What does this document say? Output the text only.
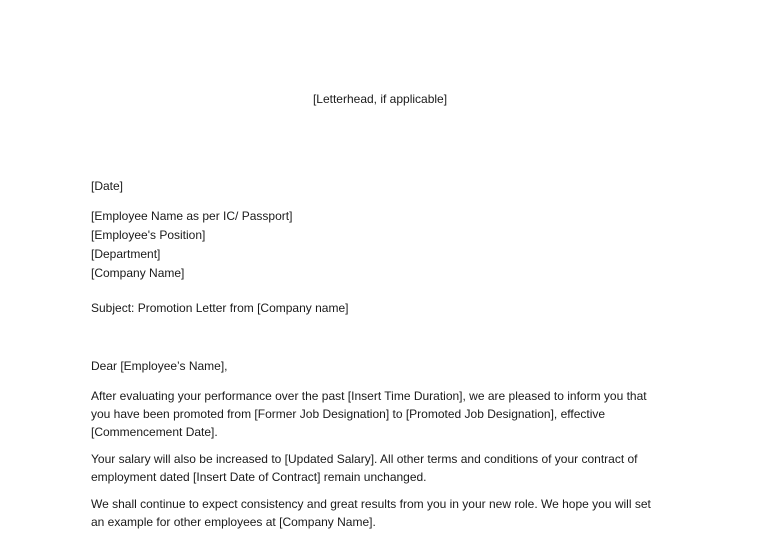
[Letterhead, if applicable]
[Date]
[Employee Name as per IC/ Passport]
[Employee's Position]
[Department]
[Company Name]
Subject: Promotion Letter from [Company name]
Dear [Employee’s Name],
After evaluating your performance over the past [Insert Time Duration], we are pleased to inform you that
you have been promoted from [Former Job Designation] to [Promoted Job Designation], effective
[Commencement Date].
Your salary will also be increased to [Updated Salary]. All other terms and conditions of your contract of
employment dated [Insert Date of Contract] remain unchanged.
We shall continue to expect consistency and great results from you in your new role. We hope you will set
an example for other employees at [Company Name].
